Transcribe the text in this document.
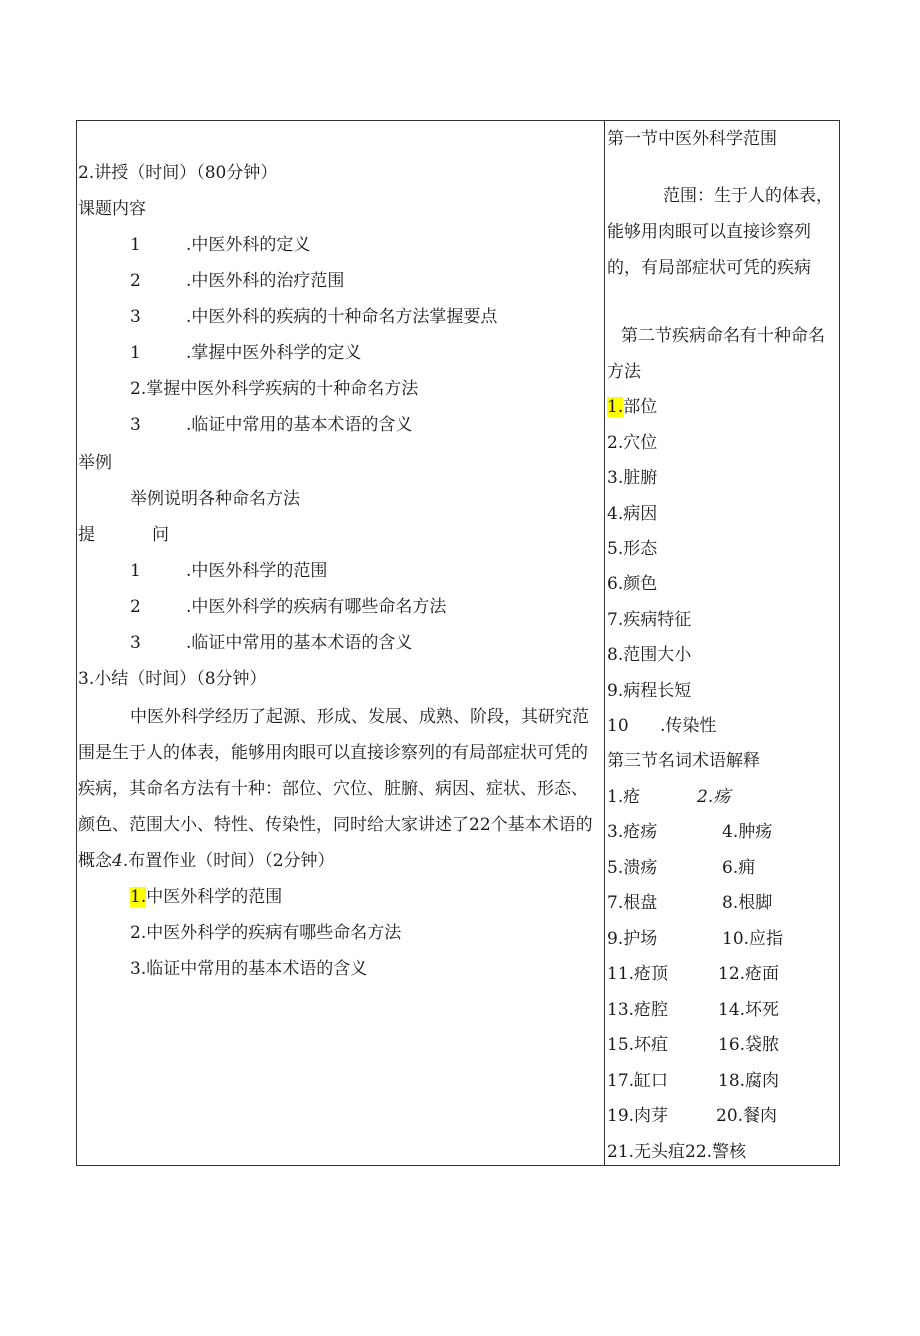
2.讲授（时间）（80分钟）
课题内容
1	.中医外科的定义
2	.中医外科的治疗范围
3	.中医外科的疾病的十种命名方法掌握要点
1	.掌握中医外科学的定义
2.掌握中医外科学疾病的十种命名方法
3	.临证中常用的基本术语的含义
举例
举例说明各种命名方法
提	问
1	.中医外科学的范围
2	.中医外科学的疾病有哪些命名方法
3	.临证中常用的基本术语的含义
3.小结（时间）（8分钟）
中医外科学经历了起源、形成、发展、成熟、阶段，其研究范围是生于人的体表，能够用肉眼可以直接诊察列的有局部症状可凭的疾病，其命名方法有十种：部位、穴位、脏腑、病因、症状、形态、颜色、范围大小、特性、传染性，同时给大家讲述了22个基本术语的概念4.布置作业（时间）（2分钟）
1.中医外科学的范围
2.中医外科学的疾病有哪些命名方法
3.临证中常用的基本术语的含义
第一节中医外科学范围
范围：生于人的体表，能够用肉眼可以直接诊察列的，有局部症状可凭的疾病
第二节疾病命名有十种命名方法
1.部位
2.穴位
3.脏腑
4.病因
5.形态
6.颜色
7.疾病特征
8.范围大小
9.病程长短
10 .传染性
第三节名词术语解释
1.疮	2.疡
3.疮疡	4.肿疡
5.溃疡	6.痈
7.根盘	8.根脚
9.护场	10.应指
11.疮顶	12.疮面
13.疮腔	14.坏死
15.坏疽	16.袋脓
17.缸口	18.腐肉
19.肉芽	20.餐肉
21.无头疽22.警核
